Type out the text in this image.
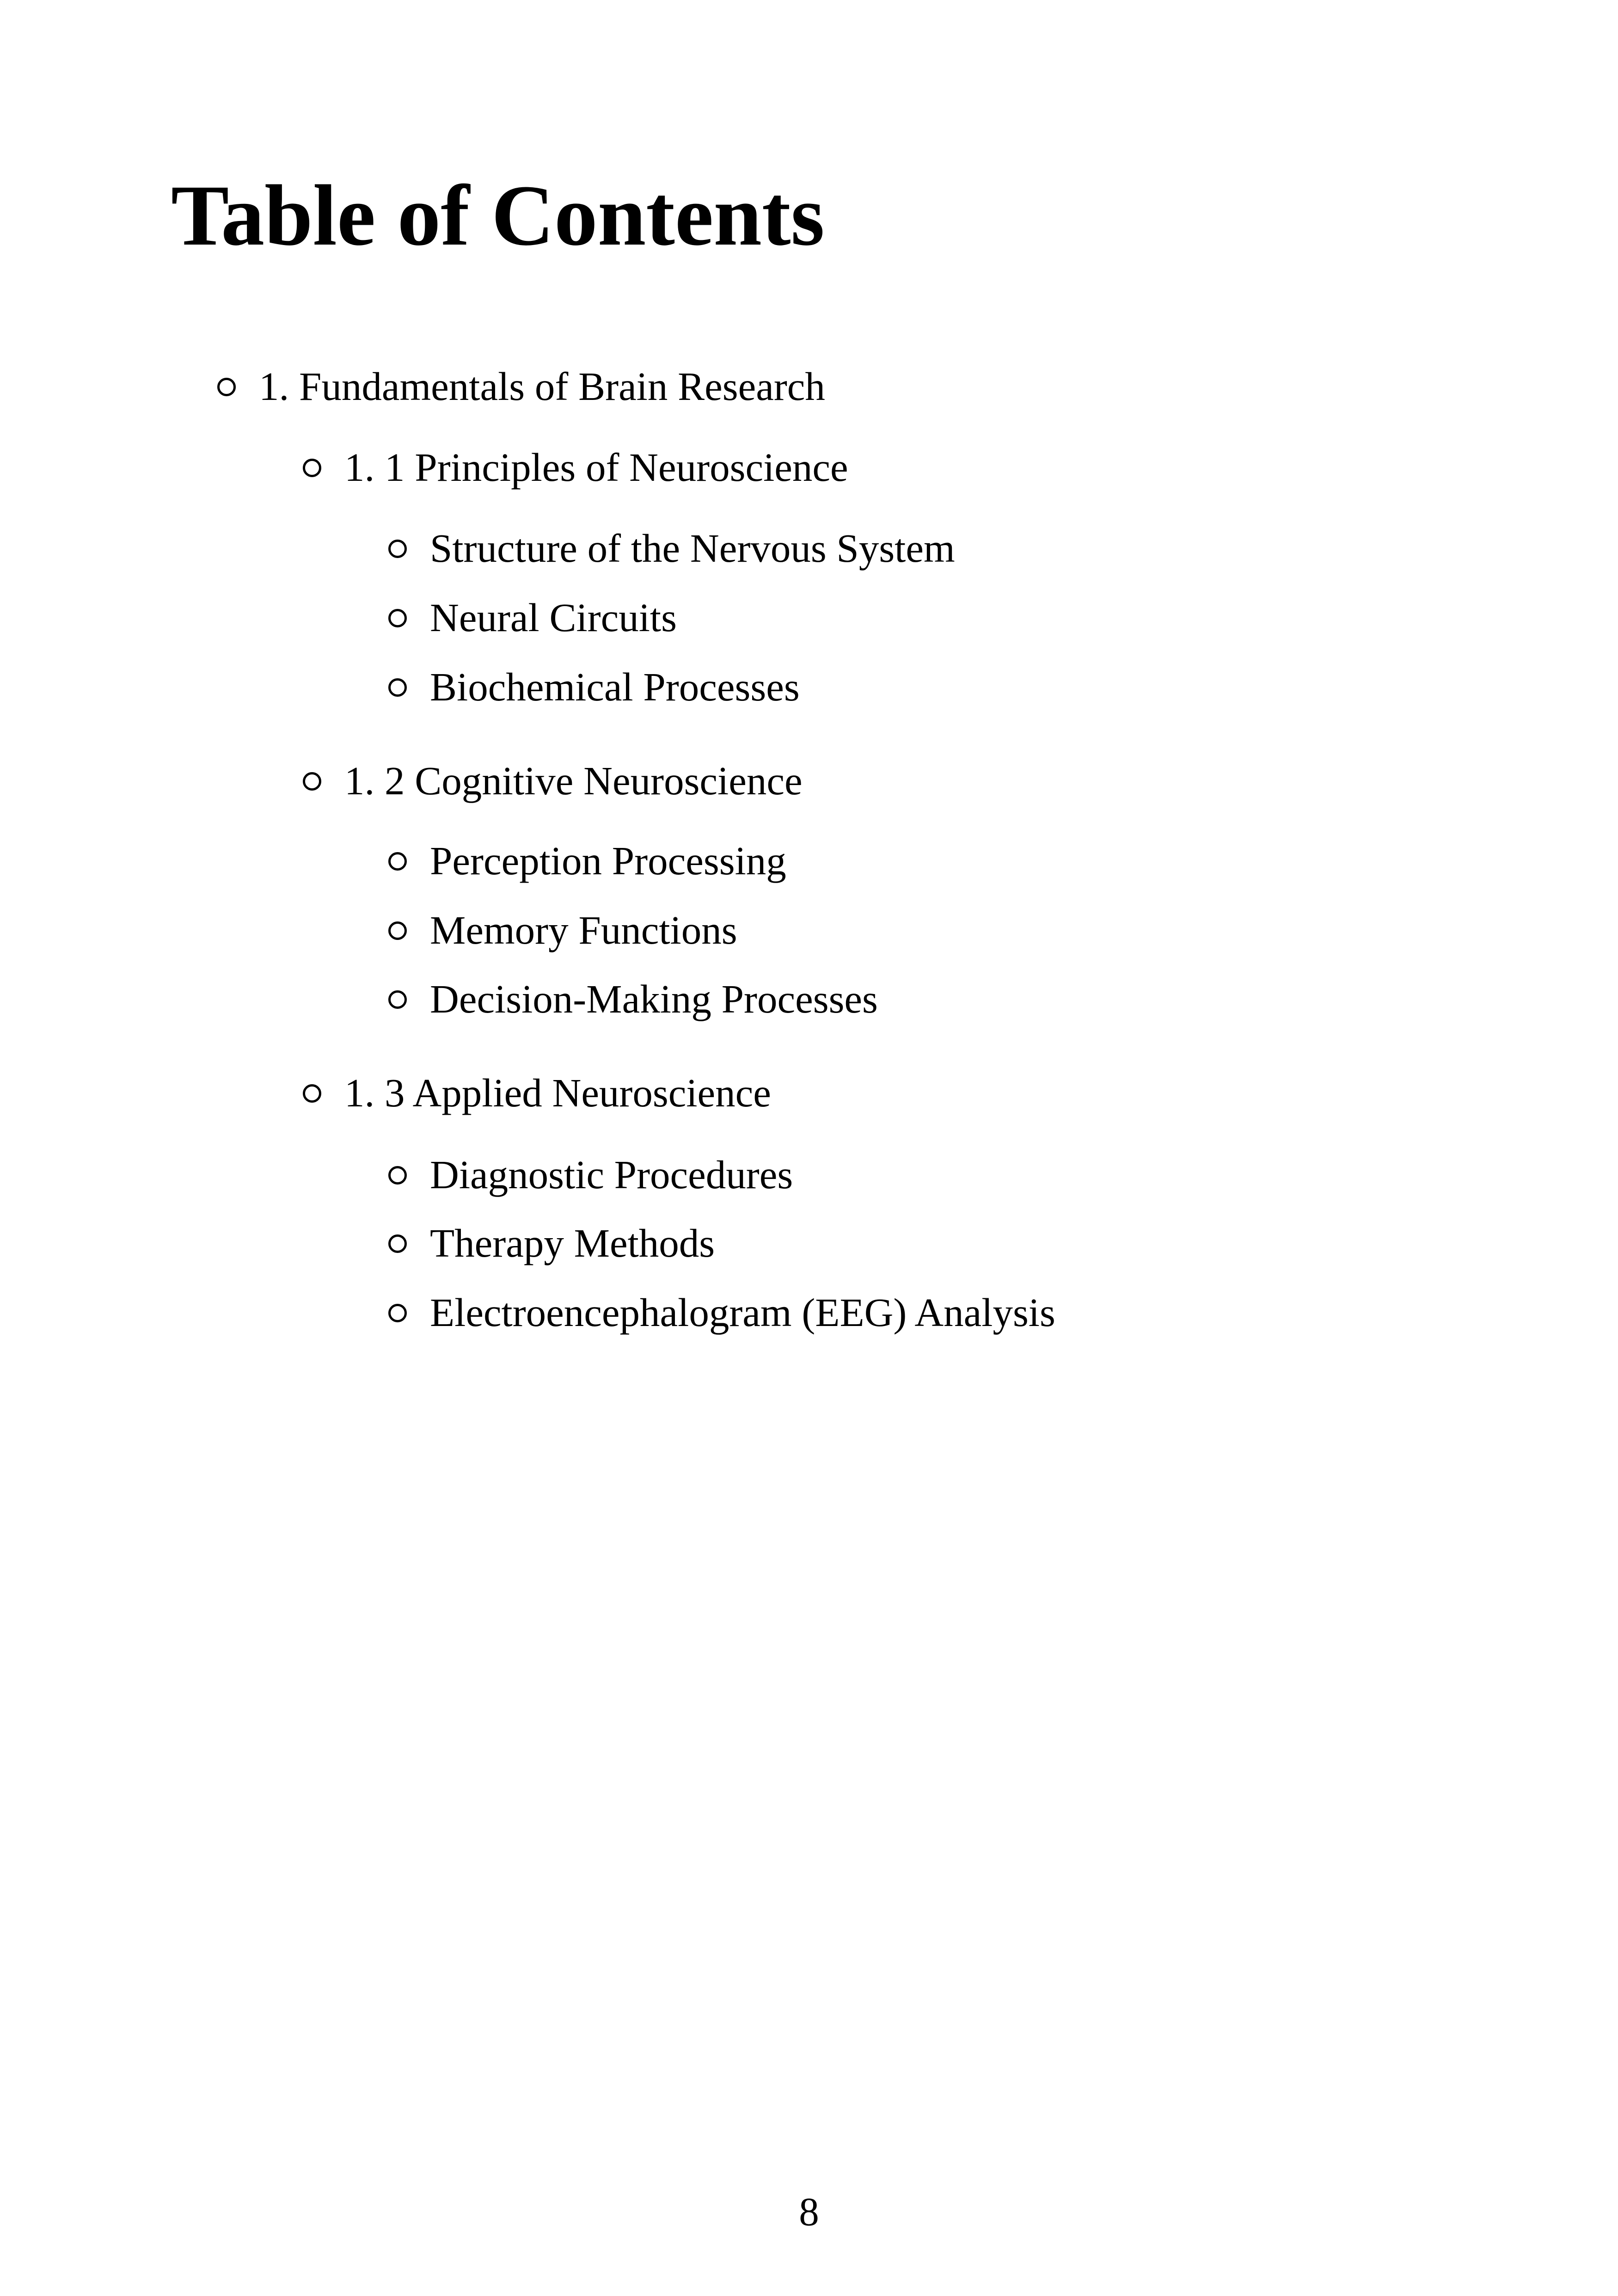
Table of Contents
1. Fundamentals of Brain Research
1. 1 Principles of Neuroscience
Structure of the Nervous System
Neural Circuits
Biochemical Processes
1. 2 Cognitive Neuroscience
Perception Processing
Memory Functions
Decision-Making Processes
1. 3 Applied Neuroscience
Diagnostic Procedures
Therapy Methods
Electroencephalogram (EEG) Analysis
8
